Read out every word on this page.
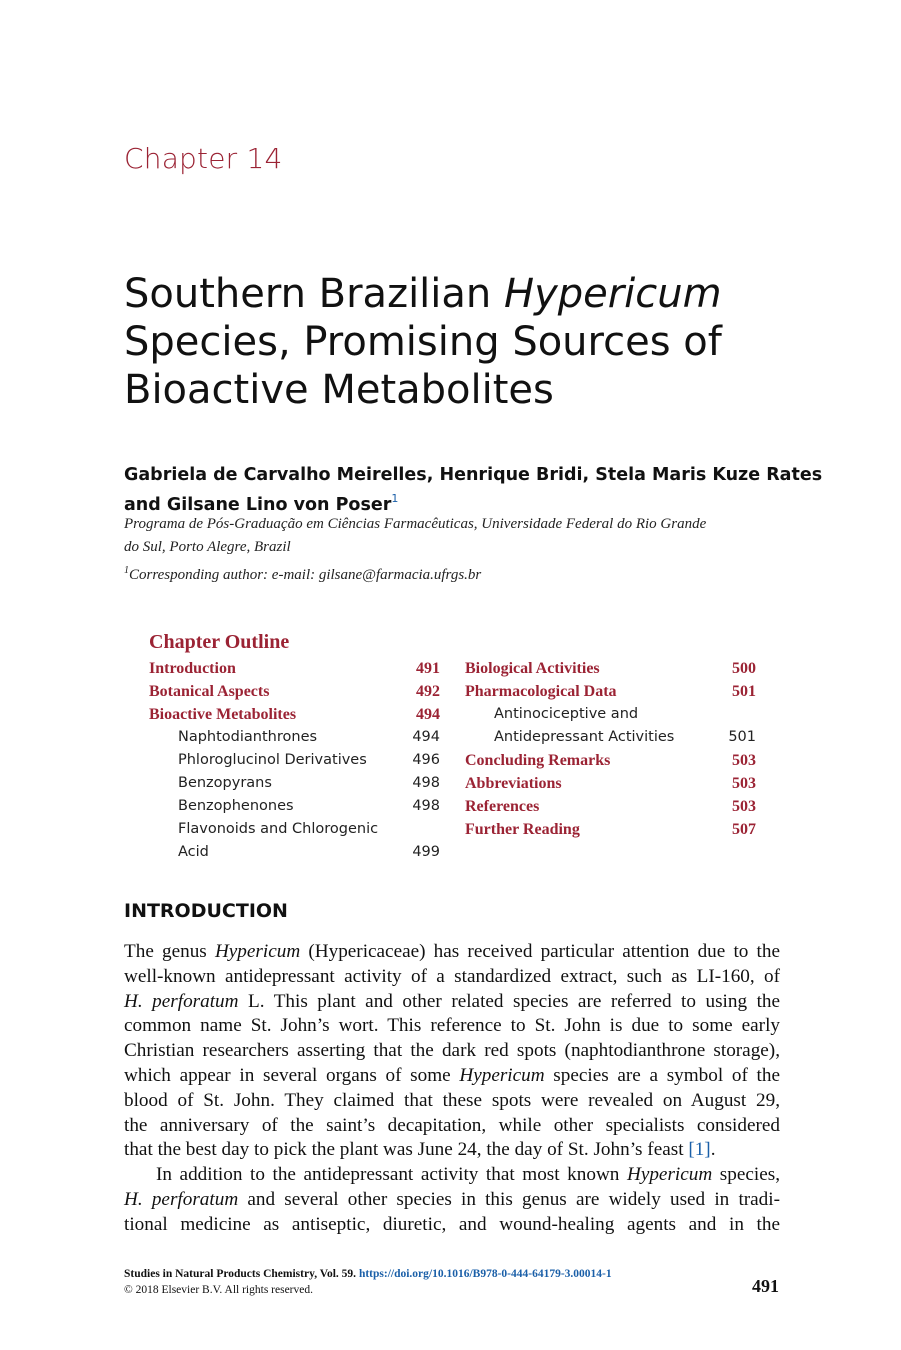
Chapter 14
Southern Brazilian Hypericum
Species, Promising Sources of
Bioactive Metabolites
Gabriela de Carvalho Meirelles, Henrique Bridi, Stela Maris Kuze Rates
and Gilsane Lino von Poser$^1$
Programa de Pós-Graduação em Ciências Farmacêuticas, Universidade Federal do Rio Grande
do Sul, Porto Alegre, Brazil
$^1$Corresponding author: e-mail: gilsane@farmacia.ufrgs.br
Chapter Outline
Introduction	491
Botanical Aspects	492
Bioactive Metabolites	494
Naphtodianthrones	494
Phloroglucinol Derivatives	496
Benzopyrans	498
Benzophenones	498
Flavonoids and Chlorogenic
Acid	499
Biological Activities	500
Pharmacological Data	501
Antinociceptive and
Antidepressant Activities	501
Concluding Remarks	503
Abbreviations	503
References	503
Further Reading	507
INTRODUCTION
The genus Hypericum (Hypericaceae) has received particular attention due to the
well-known antidepressant activity of a standardized extract, such as LI-160, of
H. perforatum L. This plant and other related species are referred to using the
common name St. John’s wort. This reference to St. John is due to some early
Christian researchers asserting that the dark red spots (naphtodianthrone storage),
which appear in several organs of some Hypericum species are a symbol of the
blood of St. John. They claimed that these spots were revealed on August 29,
the anniversary of the saint’s decapitation, while other specialists considered
that the best day to pick the plant was June 24, the day of St. John’s feast [1].
In addition to the antidepressant activity that most known Hypericum species,
H. perforatum and several other species in this genus are widely used in tradi-
tional medicine as antiseptic, diuretic, and wound-healing agents and in the
Studies in Natural Products Chemistry, Vol. 59. https://doi.org/10.1016/B978-0-444-64179-3.00014-1
© 2018 Elsevier B.V. All rights reserved.	491
